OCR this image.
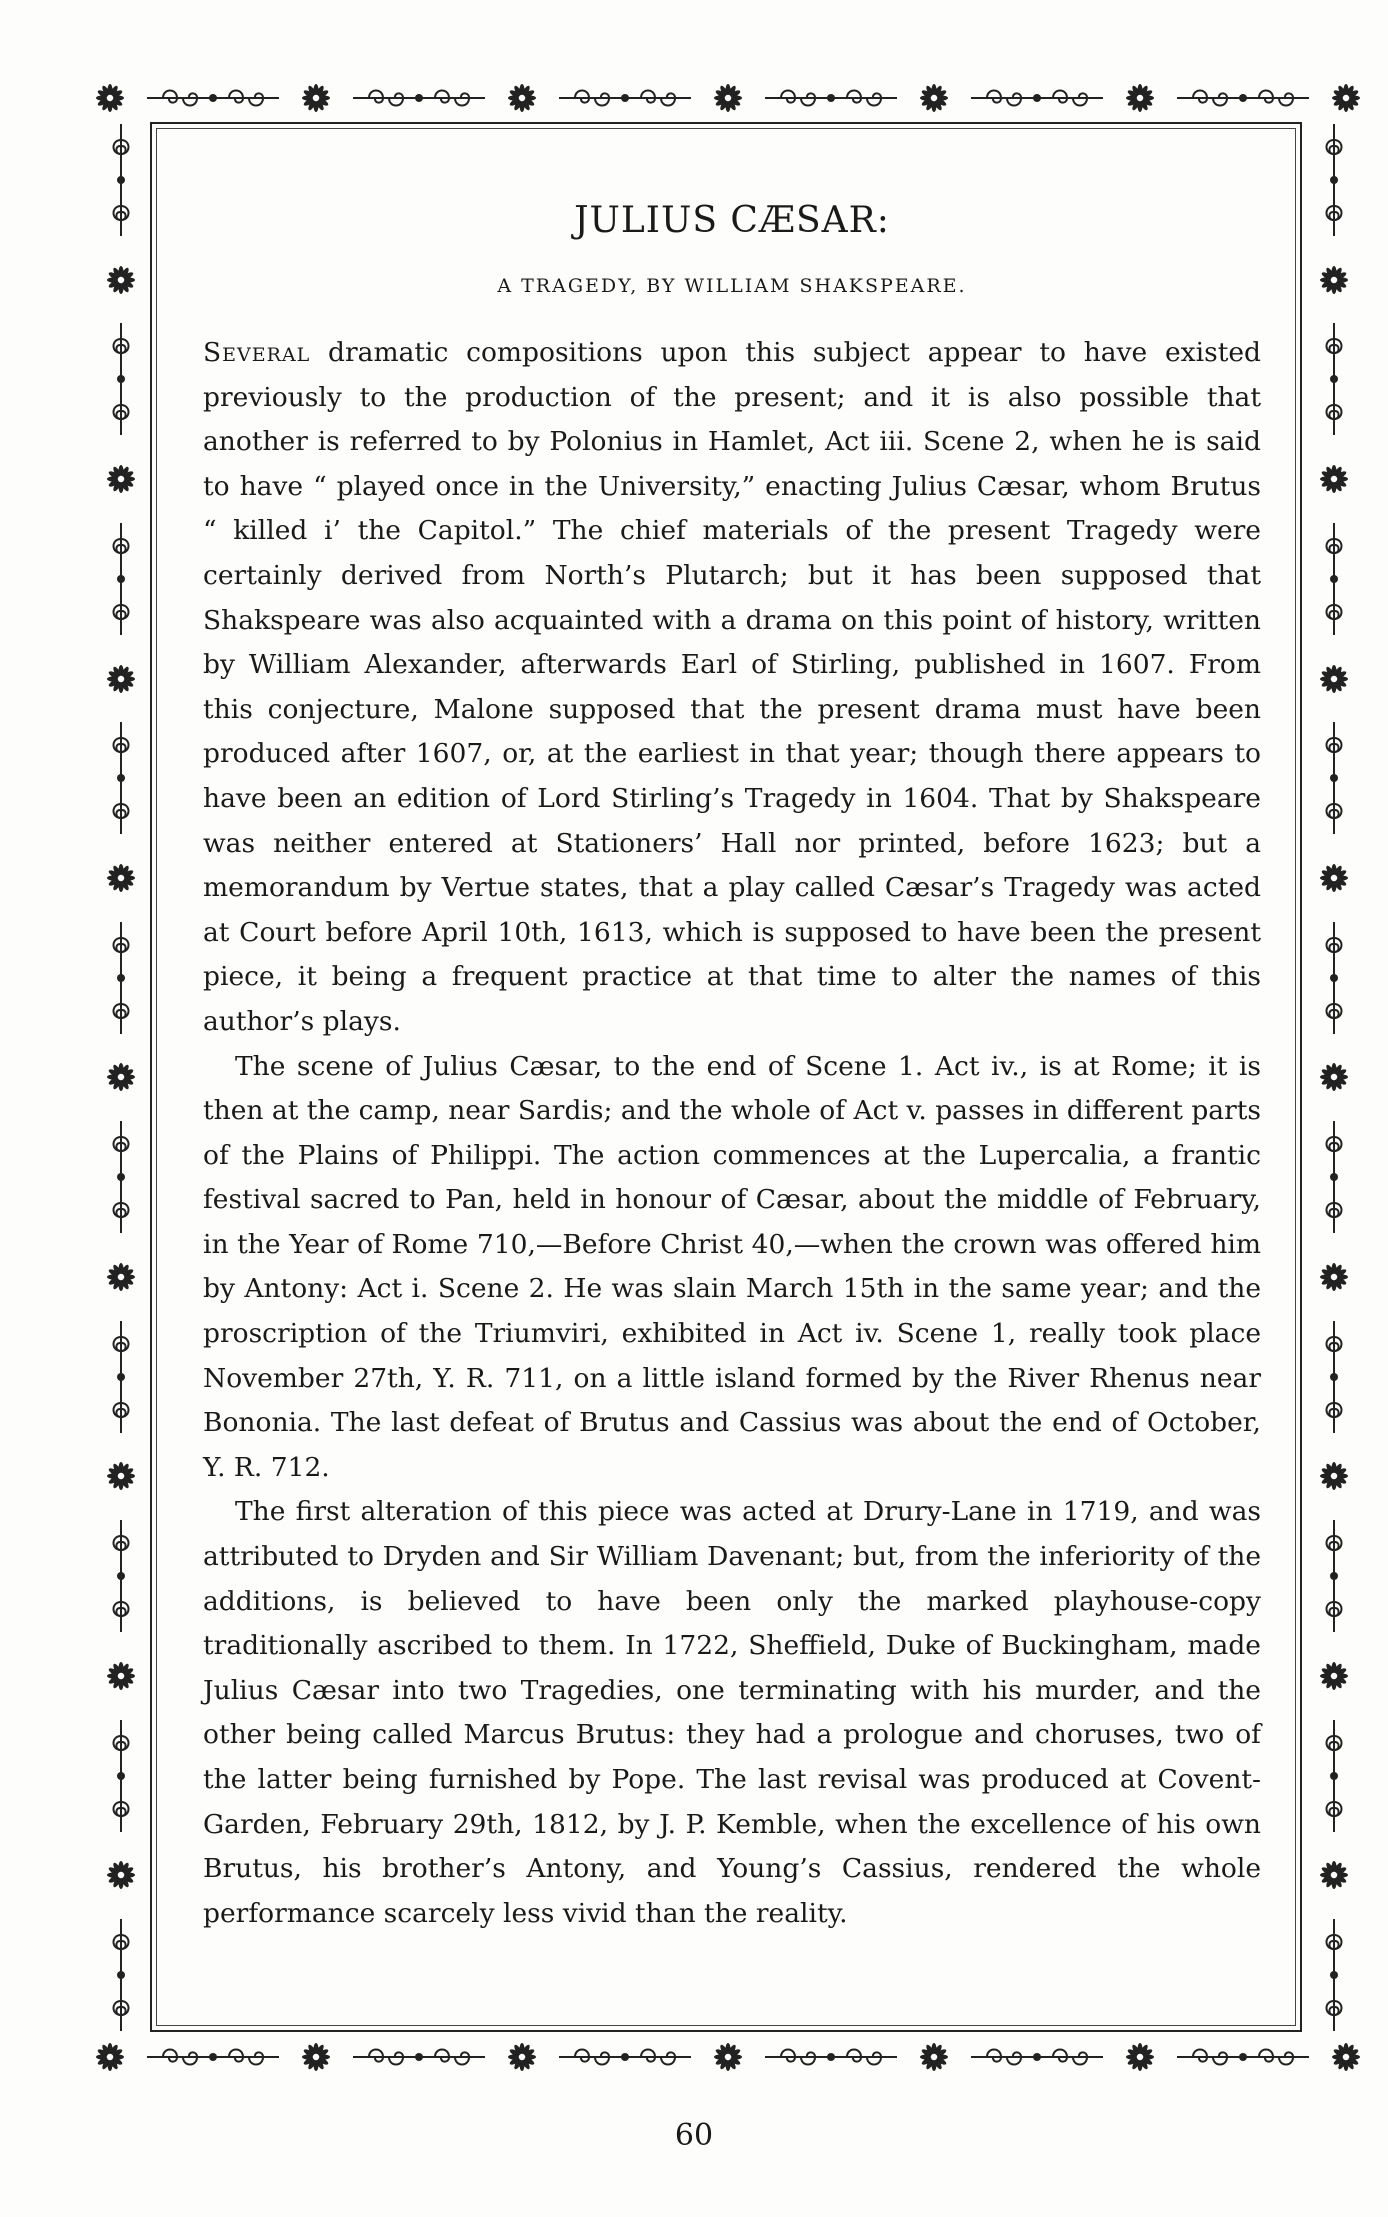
JULIUS CÆSAR:
A TRAGEDY, BY WILLIAM SHAKSPEARE.

Several dramatic compositions upon this subject appear to have existed previously to the production of the present; and it is also possible that another is referred to by Polonius in Hamlet, Act iii. Scene 2, when he is said to have “ played once in the University,” enacting Julius Cæsar, whom Brutus “ killed i’ the Capitol.” The chief materials of the present Tragedy were certainly derived from North’s Plutarch; but it has been supposed that Shakspeare was also acquainted with a drama on this point of history, written by William Alexander, afterwards Earl of Stirling, published in 1607. From this conjecture, Malone supposed that the present drama must have been produced after 1607, or, at the earliest in that year; though there appears to have been an edition of Lord Stirling’s Tragedy in 1604. That by Shakspeare was neither entered at Stationers’ Hall nor printed, before 1623; but a memorandum by Vertue states, that a play called Cæsar’s Tragedy was acted at Court before April 10th, 1613, which is supposed to have been the present piece, it being a frequent practice at that time to alter the names of this author’s plays.

The scene of Julius Cæsar, to the end of Scene 1. Act iv., is at Rome; it is then at the camp, near Sardis; and the whole of Act v. passes in different parts of the Plains of Philippi. The action commences at the Lupercalia, a frantic festival sacred to Pan, held in honour of Cæsar, about the middle of February, in the Year of Rome 710,—Before Christ 40,—when the crown was offered him by Antony: Act i. Scene 2. He was slain March 15th in the same year; and the proscription of the Triumviri, exhibited in Act iv. Scene 1, really took place November 27th, Y. R. 711, on a little island formed by the River Rhenus near Bononia. The last defeat of Brutus and Cassius was about the end of October, Y. R. 712.

The first alteration of this piece was acted at Drury-Lane in 1719, and was attributed to Dryden and Sir William Davenant; but, from the inferiority of the additions, is believed to have been only the marked playhouse-copy traditionally ascribed to them. In 1722, Sheffield, Duke of Buckingham, made Julius Cæsar into two Tragedies, one terminating with his murder, and the other being called Marcus Brutus: they had a prologue and choruses, two of the latter being furnished by Pope. The last revisal was produced at Covent-Garden, February 29th, 1812, by J. P. Kemble, when the excellence of his own Brutus, his brother’s Antony, and Young’s Cassius, rendered the whole performance scarcely less vivid than the reality.

60
